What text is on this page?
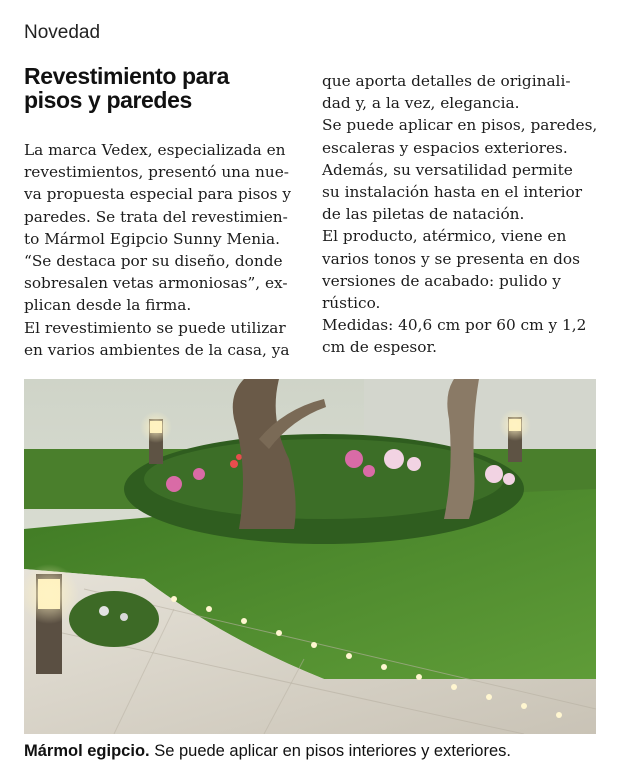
Novedad
Revestimiento para
pisos y paredes

La marca Vedex, especializada en

revestimientos, presentó una nue-

va propuesta especial para pisos y

paredes. Se trata del revestimien-

to Mármol Egipcio Sunny Menia.

“Se destaca por su diseño, donde

sobresalen vetas armoniosas”, ex-

plican desde la firma.

El revestimiento se puede utilizar

en varios ambientes de la casa, ya

que aporta detalles de originali-

dad y, a la vez, elegancia.

Se puede aplicar en pisos, paredes,

escaleras y espacios exteriores.

Además, su versatilidad permite

su instalación hasta en el interior

de las piletas de natación.

El producto, atérmico, viene en

varios tonos y se presenta en dos

versiones de acabado: pulido y

rústico.

Medidas: 40,6 cm por 60 cm y 1,2

cm de espesor.

Mármol egipcio. Se puede aplicar en pisos interiores y exteriores.
